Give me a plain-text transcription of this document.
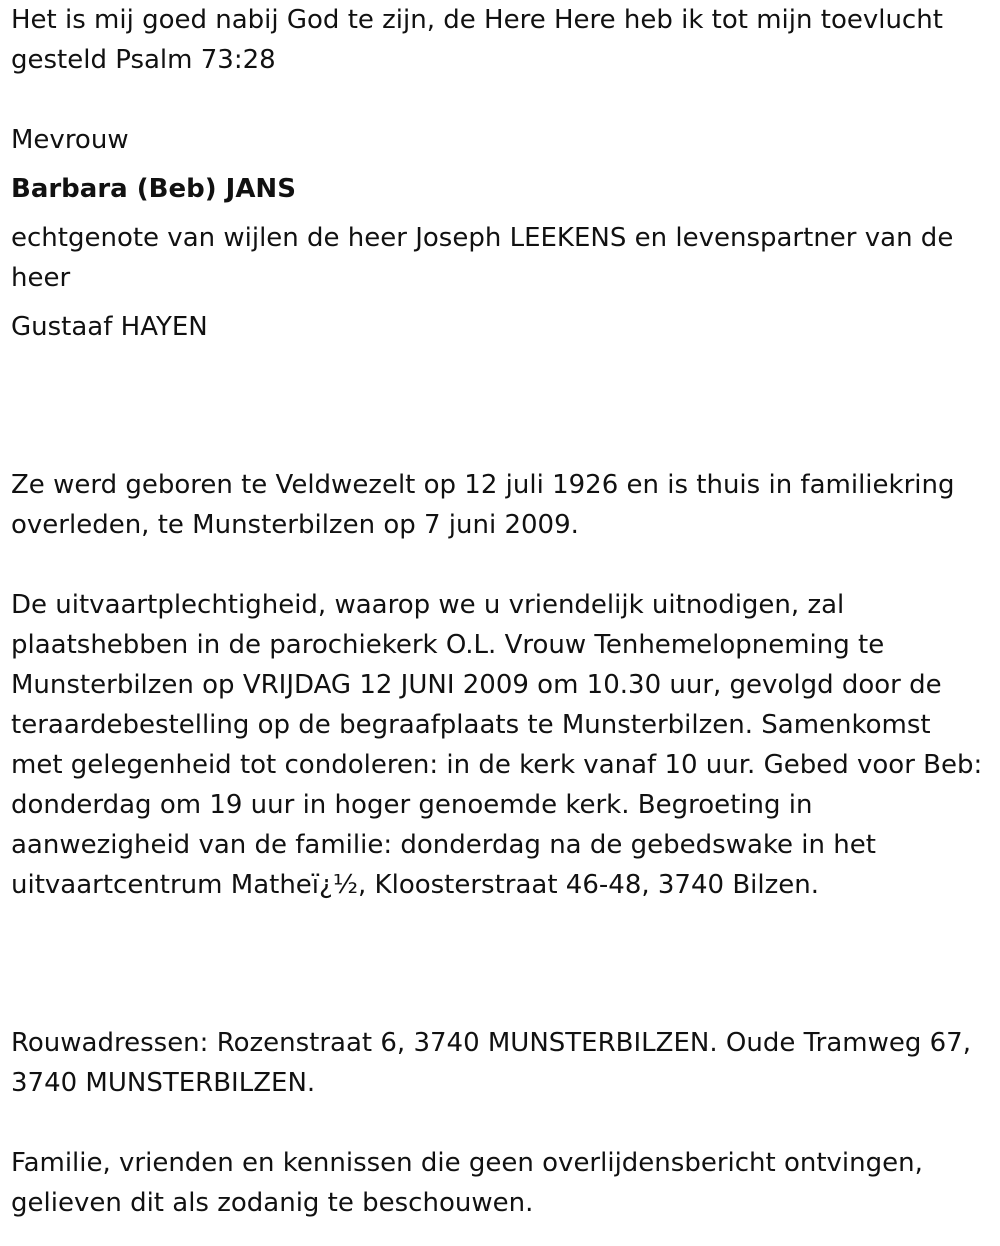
Het is mij goed nabij God te zijn, de Here Here heb ik tot mijn toevlucht gesteld Psalm 73:28

Mevrouw

Barbara (Beb) JANS

echtgenote van wijlen de heer Joseph LEEKENS en levenspartner van de heer

Gustaaf HAYEN

Ze werd geboren te Veldwezelt op 12 juli 1926 en is thuis in familiekring overleden, te Munsterbilzen op 7 juni 2009.

De uitvaartplechtigheid, waarop we u vriendelijk uitnodigen, zal plaatshebben in de parochiekerk O.L. Vrouw Tenhemelopneming te Munsterbilzen op VRIJDAG 12 JUNI 2009 om 10.30 uur, gevolgd door de teraardebestelling op de begraafplaats te Munsterbilzen. Samenkomst met gelegenheid tot condoleren: in de kerk vanaf 10 uur. Gebed voor Beb: donderdag om 19 uur in hoger genoemde kerk. Begroeting in aanwezigheid van de familie: donderdag na de gebedswake in het uitvaartcentrum Matheï¿½, Kloosterstraat 46-48, 3740 Bilzen.

Rouwadressen: Rozenstraat 6, 3740 MUNSTERBILZEN. Oude Tramweg 67, 3740 MUNSTERBILZEN.

Familie, vrienden en kennissen die geen overlijdensbericht ontvingen, gelieven dit als zodanig te beschouwen.
